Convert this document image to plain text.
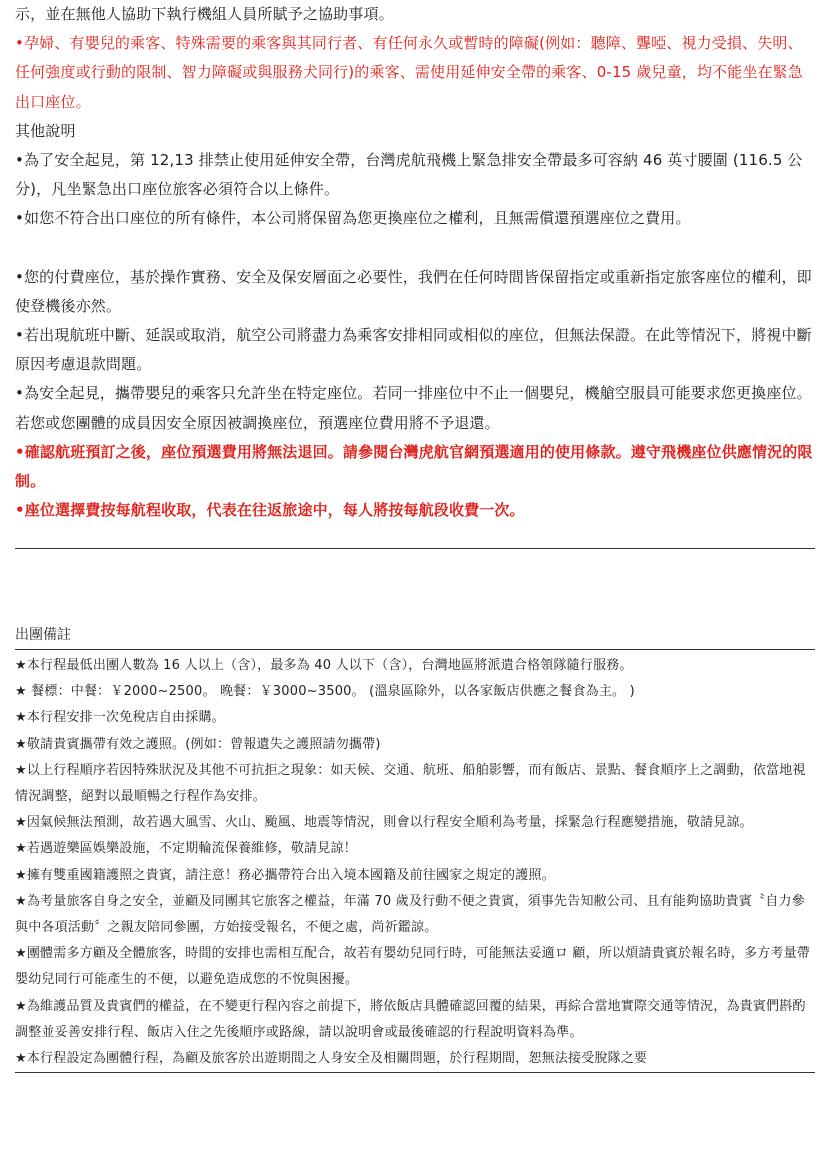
示，並在無他人協助下執行機組人員所賦予之協助事項。

•孕婦、有嬰兒的乘客、特殊需要的乘客與其同行者、有任何永久或暫時的障礙(例如：聽障、聾啞、視力受損、失明、任何強度或行動的限制、智力障礙或與服務犬同行)的乘客、需使用延伸安全帶的乘客、0-15 歲兒童，均不能坐在緊急出口座位。

其他說明

•為了安全起見，第 12,13 排禁止使用延伸安全帶，台灣虎航飛機上緊急排安全帶最多可容納 46 英寸腰圍 (116.5 公分)，凡坐緊急出口座位旅客必須符合以上條件。

•如您不符合出口座位的所有條件，本公司將保留為您更換座位之權利，且無需償還預選座位之費用。

•您的付費座位，基於操作實務、安全及保安層面之必要性，我們在任何時間皆保留指定或重新指定旅客座位的權利，即使登機後亦然。

•若出現航班中斷、延誤或取消，航空公司將盡力為乘客安排相同或相似的座位，但無法保證。在此等情況下，將視中斷原因考慮退款問題。

•為安全起見，攜帶嬰兒的乘客只允許坐在特定座位。若同一排座位中不止一個嬰兒，機艙空服員可能要求您更換座位。若您或您團體的成員因安全原因被調換座位，預選座位費用將不予退還。

•確認航班預訂之後，座位預選費用將無法退回。請參閱台灣虎航官網預選適用的使用條款。遵守飛機座位供應情況的限制。

•座位選擇費按每航程收取，代表在往返旅途中，每人將按每航段收費一次。

出團備註
★本行程最低出團人數為 16 人以上（含），最多為 40 人以下（含），台灣地區將派遣合格領隊隨行服務。
★ 餐標：中餐：￥2000~2500。 晚餐：￥3000~3500。 (溫泉區除外，以各家飯店供應之餐食為主。 )
★本行程安排一次免稅店自由採購。
★敬請貴賓攜帶有效之護照。(例如：曾報遺失之護照請勿攜帶)
★以上行程順序若因特殊狀況及其他不可抗拒之現象：如天候、交通、航班、船舶影響，而有飯店、景點、餐食順序上之調動，依當地視情況調整，絕對以最順暢之行程作為安排。
★因氣候無法預測，故若遇大風雪、火山、颱風、地震等情況，則會以行程安全順利為考量，採緊急行程應變措施，敬請見諒。
★若遇遊樂區娛樂設施，不定期輪流保養維修，敬請見諒！
★擁有雙重國籍護照之貴賓，請注意！務必攜帶符合出入境本國籍及前往國家之規定的護照。
★為考量旅客自身之安全，並顧及同團其它旅客之權益，年滿 70 歲及行動不便之貴賓，須事先告知敝公司、且有能夠協助貴賓〝自力參與中各項活動〞之親友陪同參團，方始接受報名，不便之處，尚祈鑑諒。
★團體需多方顧及全體旅客，時間的安排也需相互配合，故若有嬰幼兒同行時，可能無法妥適ロ 顧，所以煩請貴賓於報名時，多方考量帶嬰幼兒同行可能產生的不便，以避免造成您的不悅與困擾。
★為維護品質及貴賓們的權益，在不變更行程內容之前提下，將依飯店具體確認回覆的結果，再綜合當地實際交通等情況，為貴賓們斟酌調整並妥善安排行程、飯店入住之先後順序或路線，請以說明會或最後確認的行程說明資料為準。
★本行程設定為團體行程，為顧及旅客於出遊期間之人身安全及相關問題，於行程期間，恕無法接受脫隊之要
